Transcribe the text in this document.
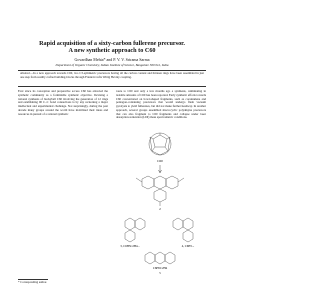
Rapid acquisition of a sixty-carbon fullerene precursor.
A new synthetic approach to C60
Govardhan Mehta* and P. V. V. Srirama Sarma
Department of Organic Chemistry, Indian Institute of Science, Bangalore 560 012, India
Abstract—In a new approach towards C60, two C3-symmetric precursors having all the carbon content and thirteen rings have been assembled in just one step from readily crafted building-blocks through Friedel-Crafts Wittig Heviny coupling.
Ever since its conception and preparative access C60 has attracted the synthetic community as a formidable synthetic objective. Devising a rational synthesis of buckyball C60 involving the generation of 12 rings and establishing 90 C–C bond connections is by any reckoning a major intellectual and experimental challenge. Not surprisingly, during the past decade many groups around the world have mobilized their ideas and resources in pursuit of a rational synthetic
route to C60 and only a few months ago a synthesis, culminating in isolable amounts of C60 has been reported. Early synthetic efforts towards C60 concentrated on bowl-shaped fragments, such as corannulene and pentagon-containing precursors that would undergo flash vacuum pyrolysis to yield fullerenes, but did not make further headway. In another approach, several groups assembled macrocyclic polyalkyne precursors that can also fragment to C60 fragments and collapse under laser desorption-ionization (LDI) mass spectrometric conditions.
C60
2
3, C6H5C2H4...	4, C6H5...
C6H5C2H4
5
* Corresponding author.
